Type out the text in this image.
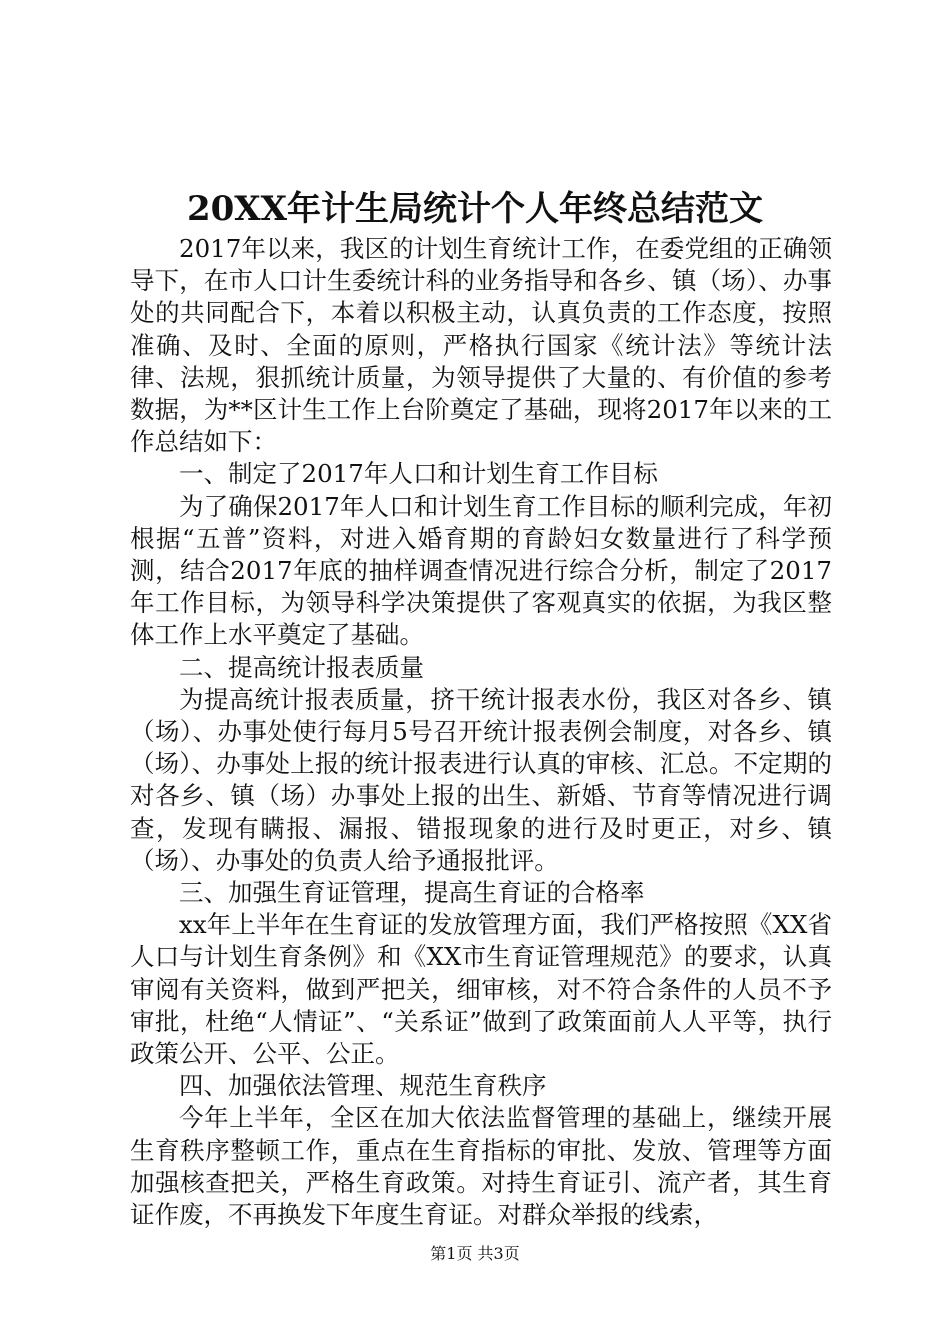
20XX年计生局统计个人年终总结范文

2017年以来，我区的计划生育统计工作，在委党组的正确领导下，在市人口计生委统计科的业务指导和各乡、镇（场）、办事处的共同配合下，本着以积极主动，认真负责的工作态度，按照准确、及时、全面的原则，严格执行国家《统计法》等统计法律、法规，狠抓统计质量，为领导提供了大量的、有价值的参考数据，为**区计生工作上台阶奠定了基础，现将2017年以来的工作总结如下：

一、制定了2017年人口和计划生育工作目标

为了确保2017年人口和计划生育工作目标的顺利完成，年初根据“五普”资料，对进入婚育期的育龄妇女数量进行了科学预测，结合2017年底的抽样调查情况进行综合分析，制定了2017年工作目标，为领导科学决策提供了客观真实的依据，为我区整体工作上水平奠定了基础。

二、提高统计报表质量

为提高统计报表质量，挤干统计报表水份，我区对各乡、镇（场）、办事处使行每月5号召开统计报表例会制度，对各乡、镇（场）、办事处上报的统计报表进行认真的审核、汇总。不定期的对各乡、镇（场）办事处上报的出生、新婚、节育等情况进行调查，发现有瞒报、漏报、错报现象的进行及时更正，对乡、镇（场）、办事处的负责人给予通报批评。

三、加强生育证管理，提高生育证的合格率

xx年上半年在生育证的发放管理方面，我们严格按照《XX省人口与计划生育条例》和《XX市生育证管理规范》的要求，认真审阅有关资料，做到严把关，细审核，对不符合条件的人员不予审批，杜绝“人情证”、“关系证”做到了政策面前人人平等，执行政策公开、公平、公正。

四、加强依法管理、规范生育秩序

今年上半年，全区在加大依法监督管理的基础上，继续开展生育秩序整顿工作，重点在生育指标的审批、发放、管理等方面加强核查把关，严格生育政策。对持生育证引、流产者，其生育证作废，不再换发下年度生育证。对群众举报的线索，

第1页 共3页
